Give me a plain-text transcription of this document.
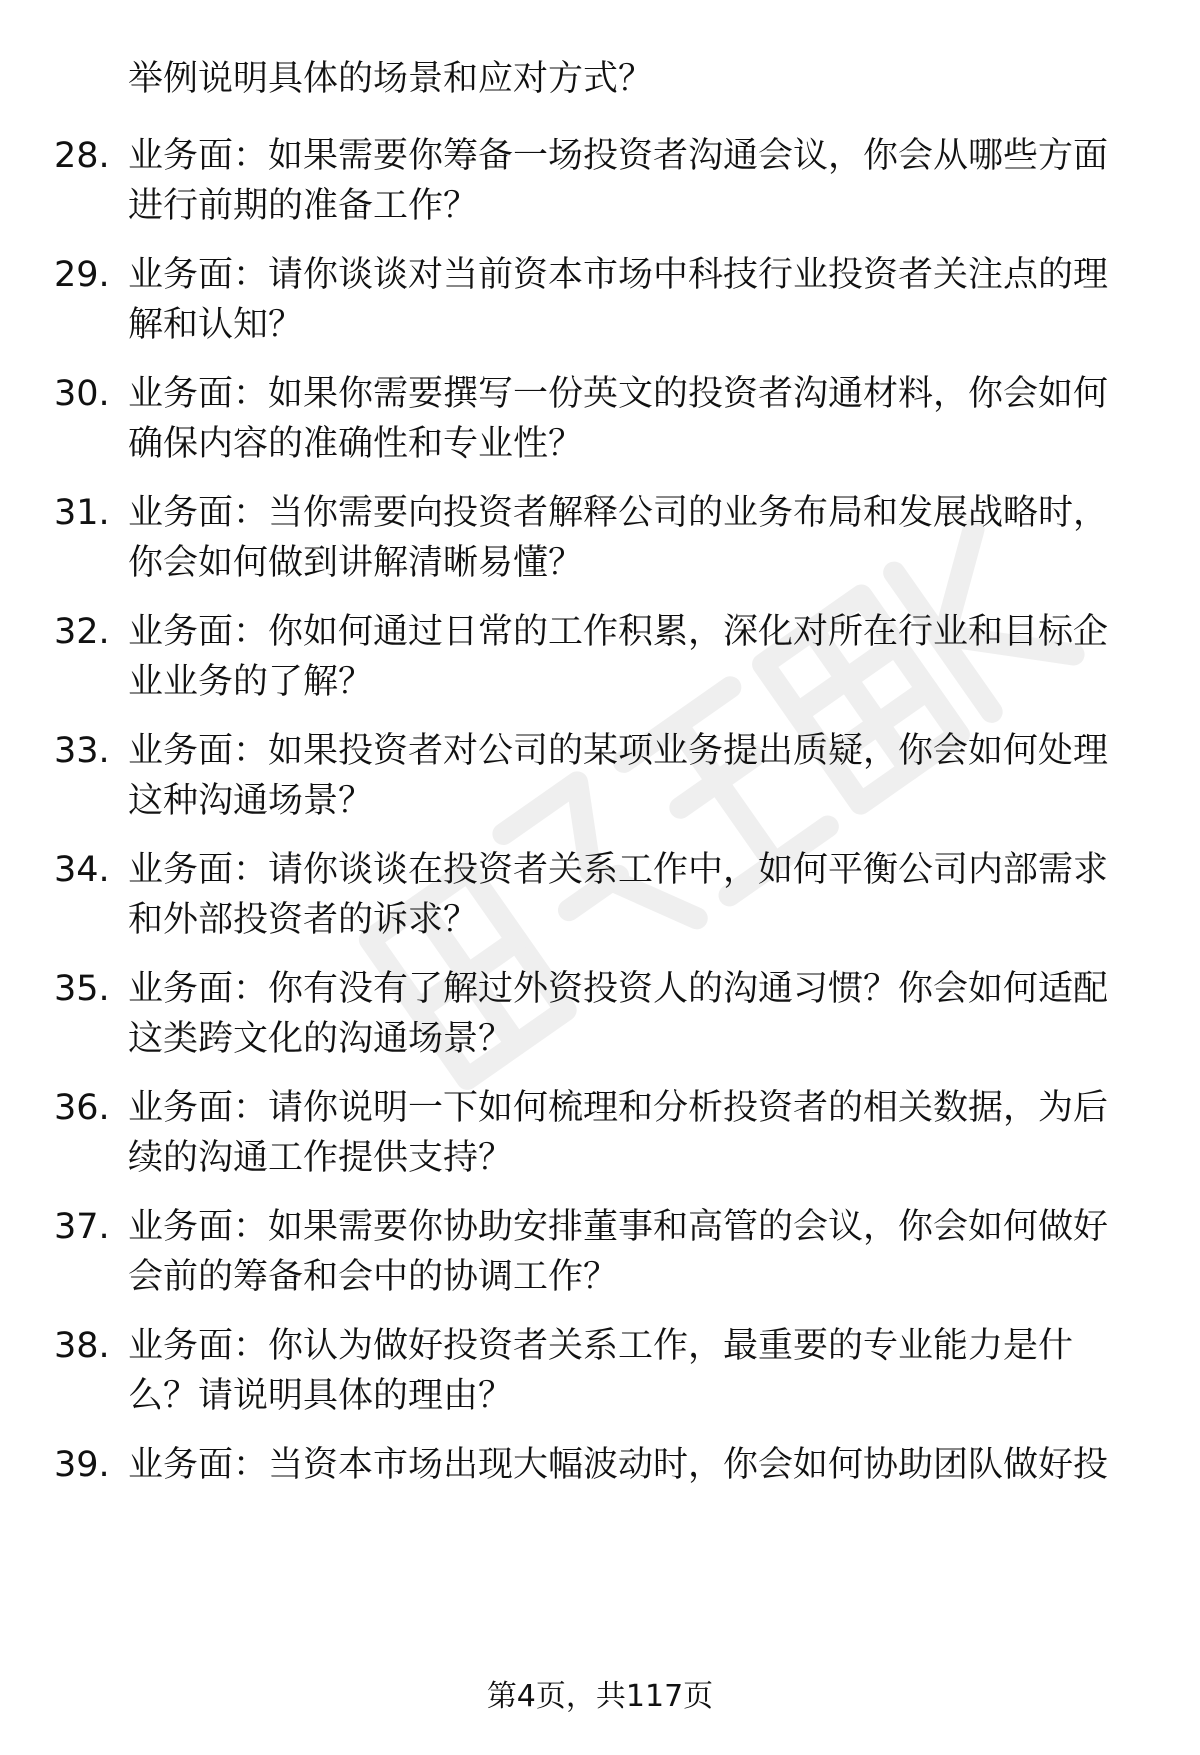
举例说明具体的场景和应对方式？
28. 业务面：如果需要你筹备一场投资者沟通会议，你会从哪些方面
进行前期的准备工作？
29. 业务面：请你谈谈对当前资本市场中科技行业投资者关注点的理
解和认知？
30. 业务面：如果你需要撰写一份英文的投资者沟通材料，你会如何
确保内容的准确性和专业性？
31. 业务面：当你需要向投资者解释公司的业务布局和发展战略时，
你会如何做到讲解清晰易懂？
32. 业务面：你如何通过日常的工作积累，深化对所在行业和目标企
业业务的了解？
33. 业务面：如果投资者对公司的某项业务提出质疑，你会如何处理
这种沟通场景？
34. 业务面：请你谈谈在投资者关系工作中，如何平衡公司内部需求
和外部投资者的诉求？
35. 业务面：你有没有了解过外资投资人的沟通习惯？你会如何适配
这类跨文化的沟通场景？
36. 业务面：请你说明一下如何梳理和分析投资者的相关数据，为后
续的沟通工作提供支持？
37. 业务面：如果需要你协助安排董事和高管的会议，你会如何做好
会前的筹备和会中的协调工作？
38. 业务面：你认为做好投资者关系工作，最重要的专业能力是什
么？请说明具体的理由？
39. 业务面：当资本市场出现大幅波动时，你会如何协助团队做好投
第4页，共117页
